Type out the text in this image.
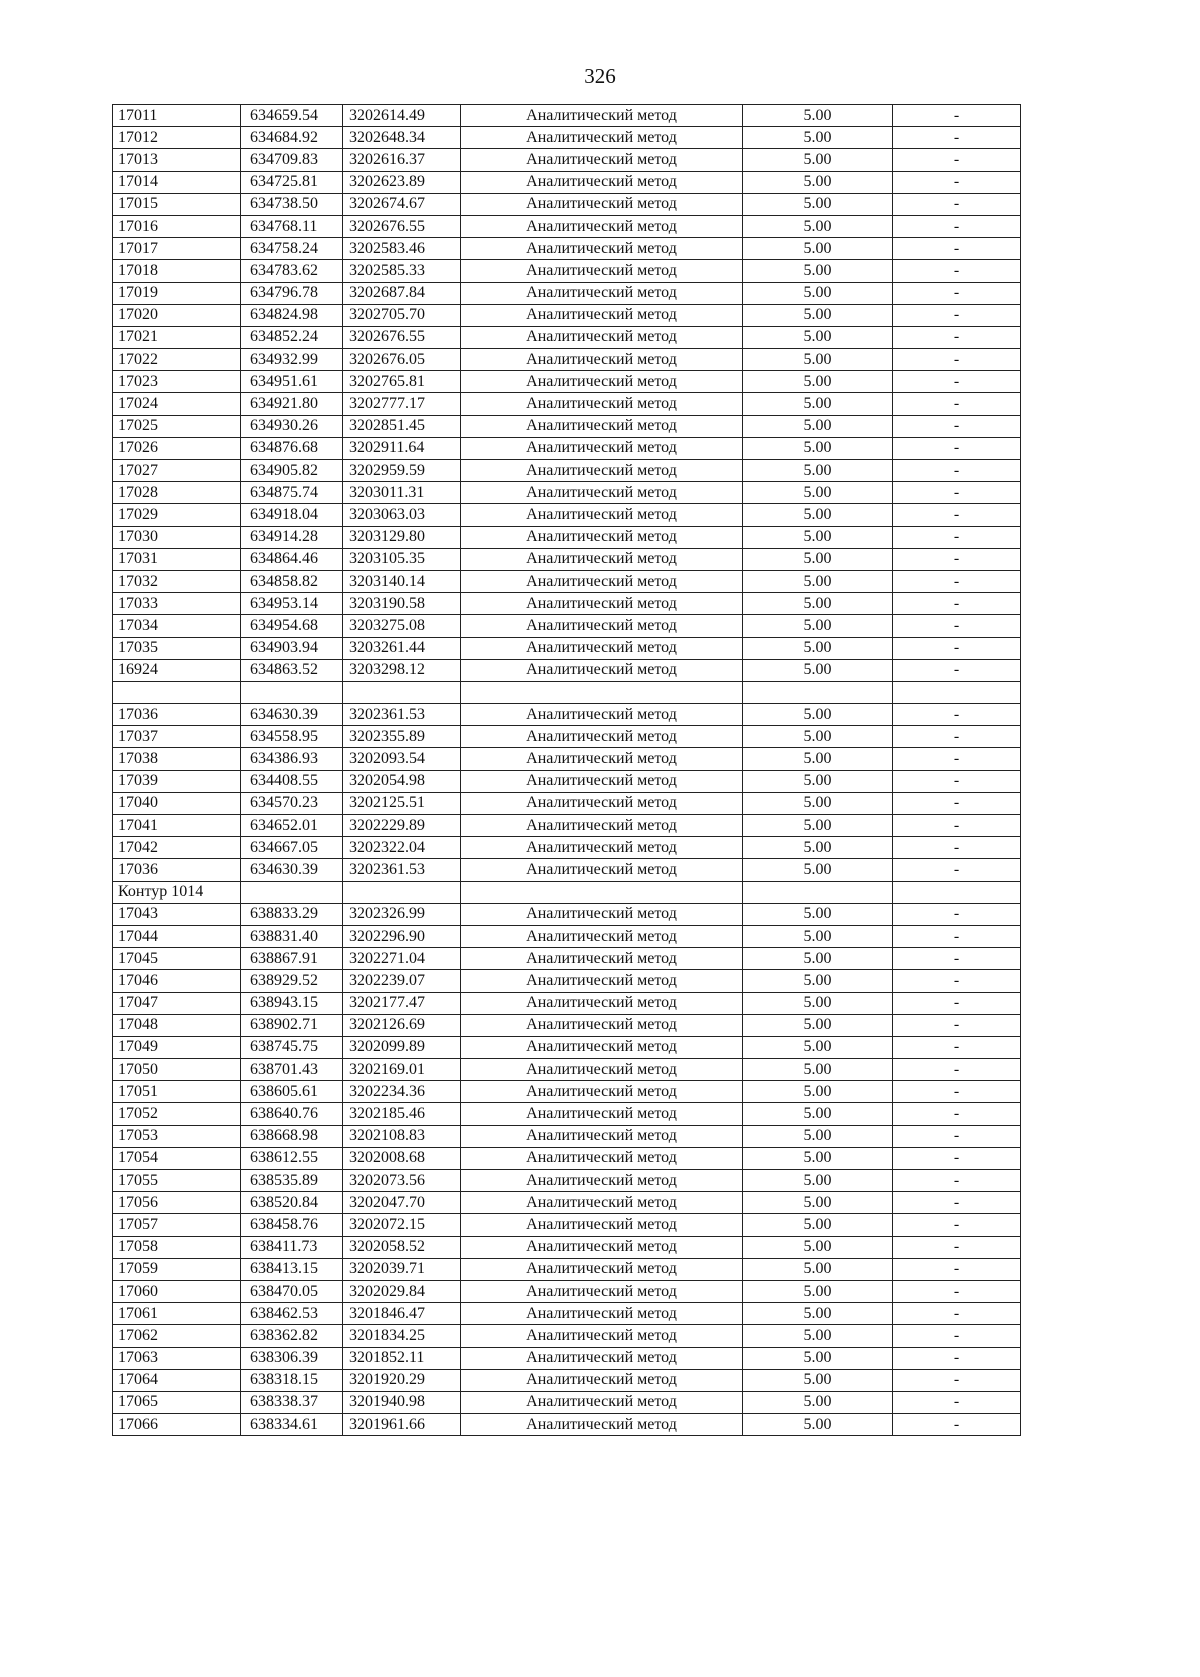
326
17011	634659.54	3202614.49	Аналитический метод	5.00	-
17012	634684.92	3202648.34	Аналитический метод	5.00	-
17013	634709.83	3202616.37	Аналитический метод	5.00	-
17014	634725.81	3202623.89	Аналитический метод	5.00	-
17015	634738.50	3202674.67	Аналитический метод	5.00	-
17016	634768.11	3202676.55	Аналитический метод	5.00	-
17017	634758.24	3202583.46	Аналитический метод	5.00	-
17018	634783.62	3202585.33	Аналитический метод	5.00	-
17019	634796.78	3202687.84	Аналитический метод	5.00	-
17020	634824.98	3202705.70	Аналитический метод	5.00	-
17021	634852.24	3202676.55	Аналитический метод	5.00	-
17022	634932.99	3202676.05	Аналитический метод	5.00	-
17023	634951.61	3202765.81	Аналитический метод	5.00	-
17024	634921.80	3202777.17	Аналитический метод	5.00	-
17025	634930.26	3202851.45	Аналитический метод	5.00	-
17026	634876.68	3202911.64	Аналитический метод	5.00	-
17027	634905.82	3202959.59	Аналитический метод	5.00	-
17028	634875.74	3203011.31	Аналитический метод	5.00	-
17029	634918.04	3203063.03	Аналитический метод	5.00	-
17030	634914.28	3203129.80	Аналитический метод	5.00	-
17031	634864.46	3203105.35	Аналитический метод	5.00	-
17032	634858.82	3203140.14	Аналитический метод	5.00	-
17033	634953.14	3203190.58	Аналитический метод	5.00	-
17034	634954.68	3203275.08	Аналитический метод	5.00	-
17035	634903.94	3203261.44	Аналитический метод	5.00	-
16924	634863.52	3203298.12	Аналитический метод	5.00	-

17036	634630.39	3202361.53	Аналитический метод	5.00	-
17037	634558.95	3202355.89	Аналитический метод	5.00	-
17038	634386.93	3202093.54	Аналитический метод	5.00	-
17039	634408.55	3202054.98	Аналитический метод	5.00	-
17040	634570.23	3202125.51	Аналитический метод	5.00	-
17041	634652.01	3202229.89	Аналитический метод	5.00	-
17042	634667.05	3202322.04	Аналитический метод	5.00	-
17036	634630.39	3202361.53	Аналитический метод	5.00	-
Контур 1014					
17043	638833.29	3202326.99	Аналитический метод	5.00	-
17044	638831.40	3202296.90	Аналитический метод	5.00	-
17045	638867.91	3202271.04	Аналитический метод	5.00	-
17046	638929.52	3202239.07	Аналитический метод	5.00	-
17047	638943.15	3202177.47	Аналитический метод	5.00	-
17048	638902.71	3202126.69	Аналитический метод	5.00	-
17049	638745.75	3202099.89	Аналитический метод	5.00	-
17050	638701.43	3202169.01	Аналитический метод	5.00	-
17051	638605.61	3202234.36	Аналитический метод	5.00	-
17052	638640.76	3202185.46	Аналитический метод	5.00	-
17053	638668.98	3202108.83	Аналитический метод	5.00	-
17054	638612.55	3202008.68	Аналитический метод	5.00	-
17055	638535.89	3202073.56	Аналитический метод	5.00	-
17056	638520.84	3202047.70	Аналитический метод	5.00	-
17057	638458.76	3202072.15	Аналитический метод	5.00	-
17058	638411.73	3202058.52	Аналитический метод	5.00	-
17059	638413.15	3202039.71	Аналитический метод	5.00	-
17060	638470.05	3202029.84	Аналитический метод	5.00	-
17061	638462.53	3201846.47	Аналитический метод	5.00	-
17062	638362.82	3201834.25	Аналитический метод	5.00	-
17063	638306.39	3201852.11	Аналитический метод	5.00	-
17064	638318.15	3201920.29	Аналитический метод	5.00	-
17065	638338.37	3201940.98	Аналитический метод	5.00	-
17066	638334.61	3201961.66	Аналитический метод	5.00	-
